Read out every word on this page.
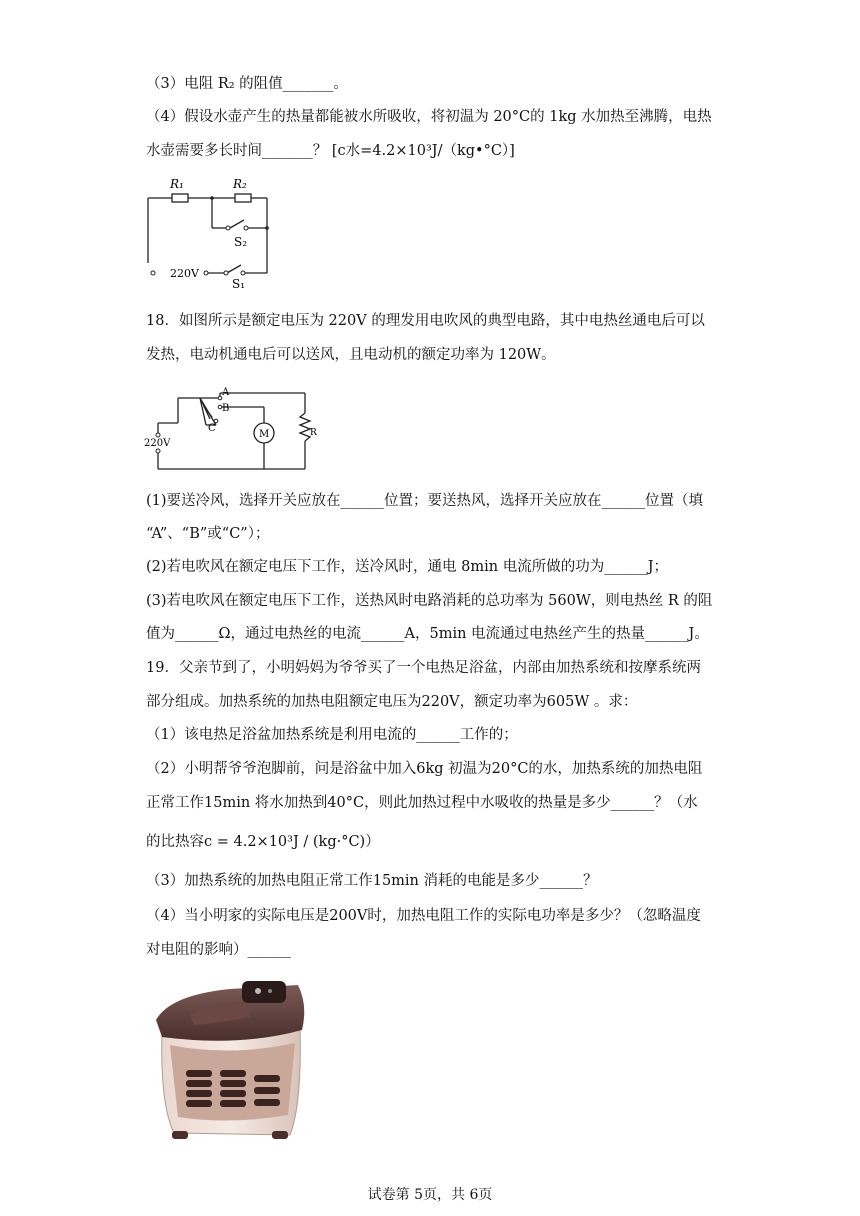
（3）电阻 R₂ 的阻值_______。
（4）假设水壶产生的热量都能被水所吸收，将初温为 20°C的 1kg 水加热至沸腾，电热
水壶需要多长时间_______？ [c水=4.2×10³J/（kg•°C）]
R₁	R₂
S₂
S₁
220V
18．如图所示是额定电压为 220V 的理发用电吹风的典型电路，其中电热丝通电后可以
发热，电动机通电后可以送风，且电动机的额定功率为 120W。
A
B
C
M	R
220V
(1)要送冷风，选择开关应放在______位置；要送热风，选择开关应放在______位置（填
“A”、“B”或“C”）；
(2)若电吹风在额定电压下工作，送冷风时，通电 8min 电流所做的功为______J；
(3)若电吹风在额定电压下工作，送热风时电路消耗的总功率为 560W，则电热丝 R 的阻
值为______Ω，通过电热丝的电流______A，5min 电流通过电热丝产生的热量______J。
19．父亲节到了，小明妈妈为爷爷买了一个电热足浴盆，内部由加热系统和按摩系统两
部分组成。加热系统的加热电阻额定电压为220V，额定功率为605W 。求：
（1）该电热足浴盆加热系统是利用电流的______工作的；
（2）小明帮爷爷泡脚前，问是浴盆中加入6kg 初温为20°C的水，加热系统的加热电阻
正常工作15min 将水加热到40°C，则此加热过程中水吸收的热量是多少______？（水
的比热容c = 4.2×10³J / (kg·°C)）
（3）加热系统的加热电阻正常工作15min 消耗的电能是多少______？
（4）当小明家的实际电压是200V时，加热电阻工作的实际电功率是多少？（忽略温度
对电阻的影响）______
试卷第 5页，共 6页
